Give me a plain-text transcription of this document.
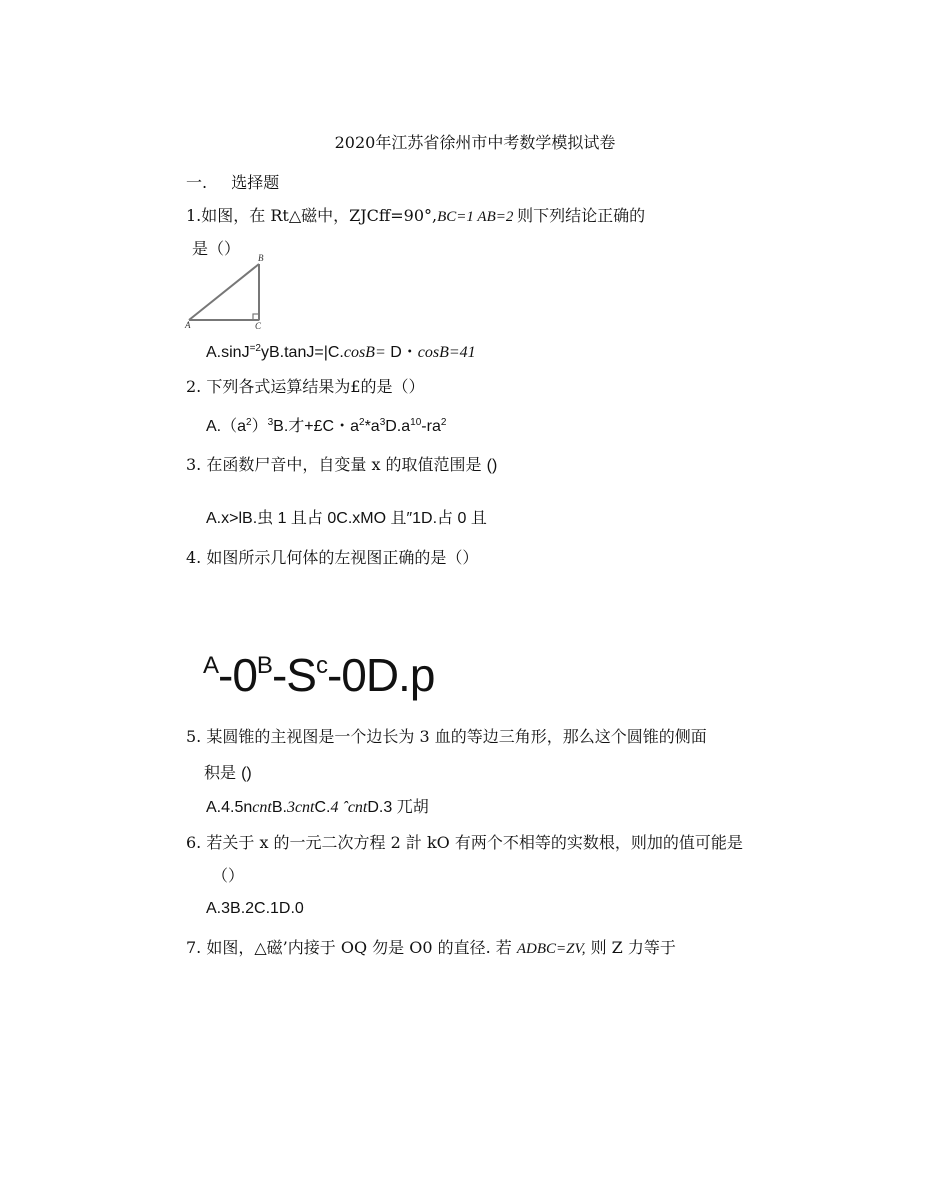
2020年江苏省徐州市中考数学模拟试卷
一. 选择题
1.如图，在 Rt△磁中，ZJCff=90°,BC=1 AB=2 则下列结论正确的
是（）
A
B
C
A.sinJ$^{=2}$yB.tanJ=|C.cosB= D・cosB=41
2. 下列各式运算结果为£的是（）
$A.(a^2)^3B$.才+£C・$a^2*a^3D.a^{10}-ra^2$
3. 在函数尸音中，自变量 x 的取值范围是 ()
A.x>lB.虫 1 且占 0C.xMO 且″1D.占 0 且
4. 如图所示几何体的左视图正确的是（）
$^A-0^B-S^c-0D.p$
5. 某圆锥的主视图是一个边长为 3 血的等边三角形，那么这个圆锥的侧面
积是 ()
A.4.5ncntB.3cntC.4 ˆcntD.3 兀胡
6. 若关于 x 的一元二次方程 2 計 kO 有两个不相等的实数根，则加的值可能是
（）
A.3B.2C.1D.0
7. 如图，△磁’内接于 OQ 勿是 O0 的直径. 若 ADBC=ZV, 则 Z 力等于
